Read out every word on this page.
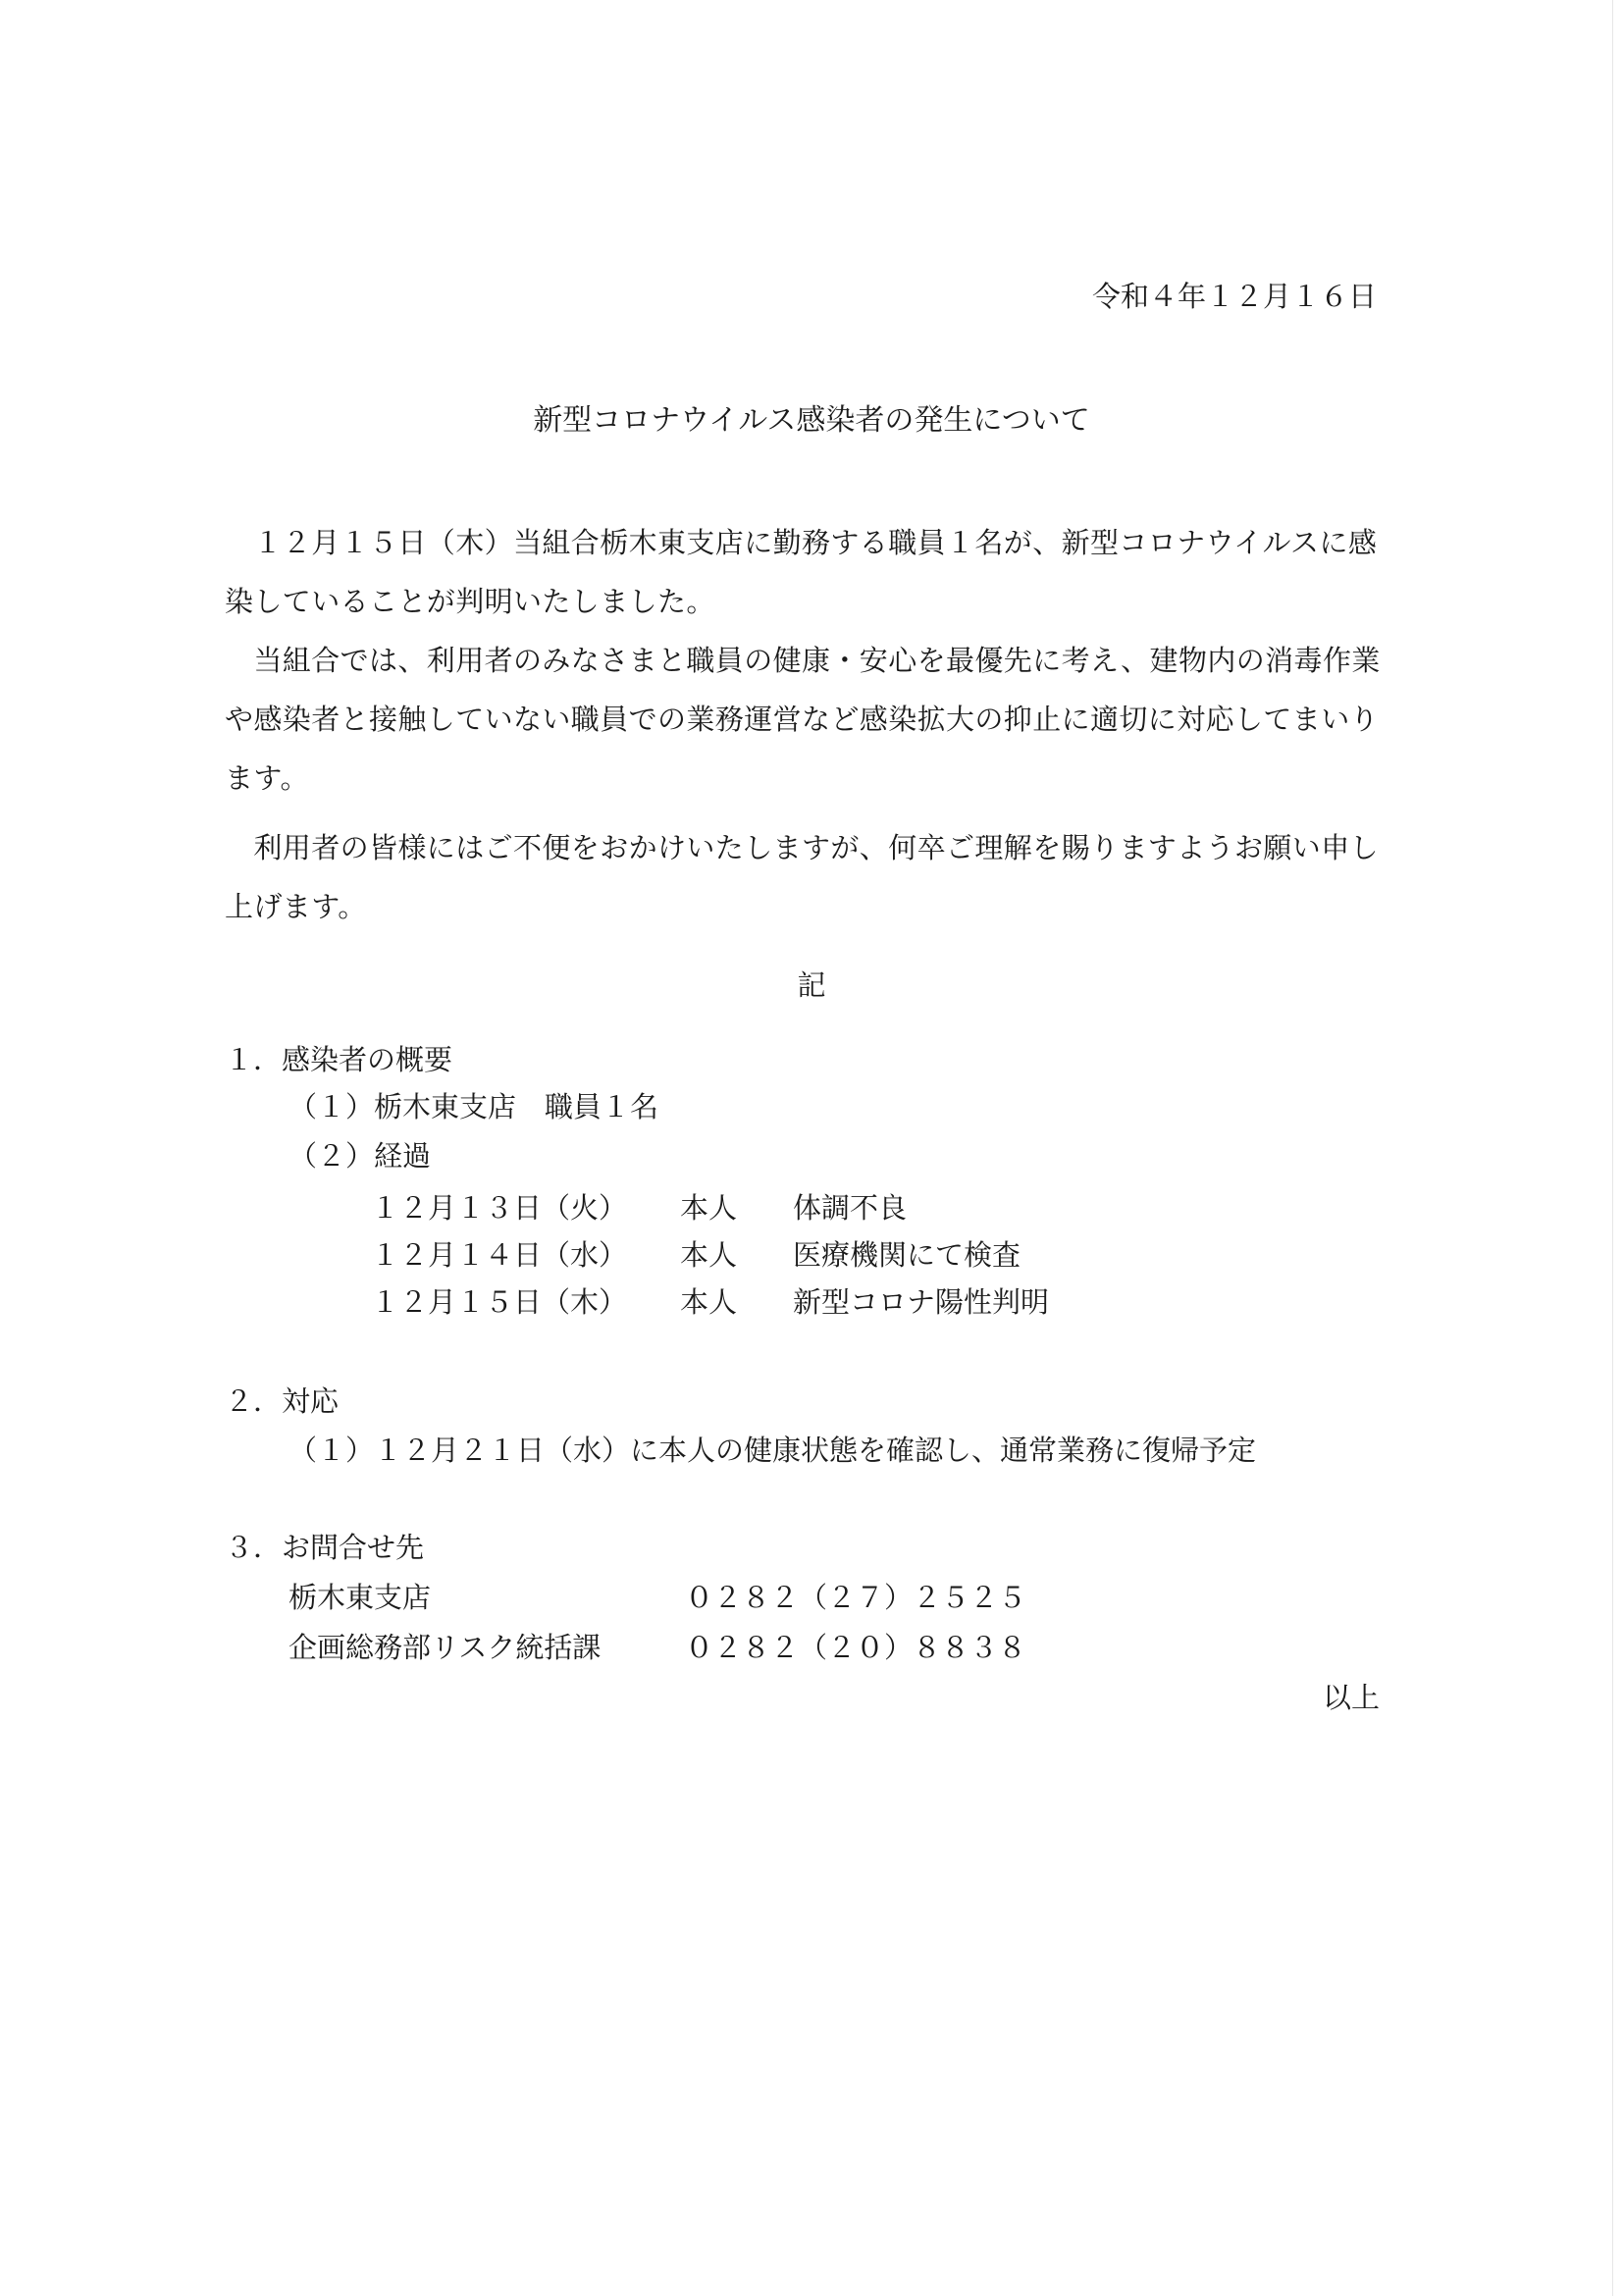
令和４年１２月１６日
新型コロナウイルス感染者の発生について
　１２月１５日（木）当組合栃木東支店に勤務する職員１名が、新型コロナウイルスに感染していることが判明いたしました。
　当組合では、利用者のみなさまと職員の健康・安心を最優先に考え、建物内の消毒作業や感染者と接触していない職員での業務運営など感染拡大の抑止に適切に対応してまいります。
　利用者の皆様にはご不便をおかけいたしますが、何卒ご理解を賜りますようお願い申し上げます。
記
１．感染者の概要
（１）栃木東支店　職員１名
（２）経過
１２月１３日（火） 本人 体調不良
１２月１４日（水） 本人 医療機関にて検査
１２月１５日（木） 本人 新型コロナ陽性判明
２．対応
（１）１２月２１日（水）に本人の健康状態を確認し、通常業務に復帰予定
３．お問合せ先
栃木東支店	０２８２（２７）２５２５
企画総務部リスク統括課	０２８２（２０）８８３８
以上
